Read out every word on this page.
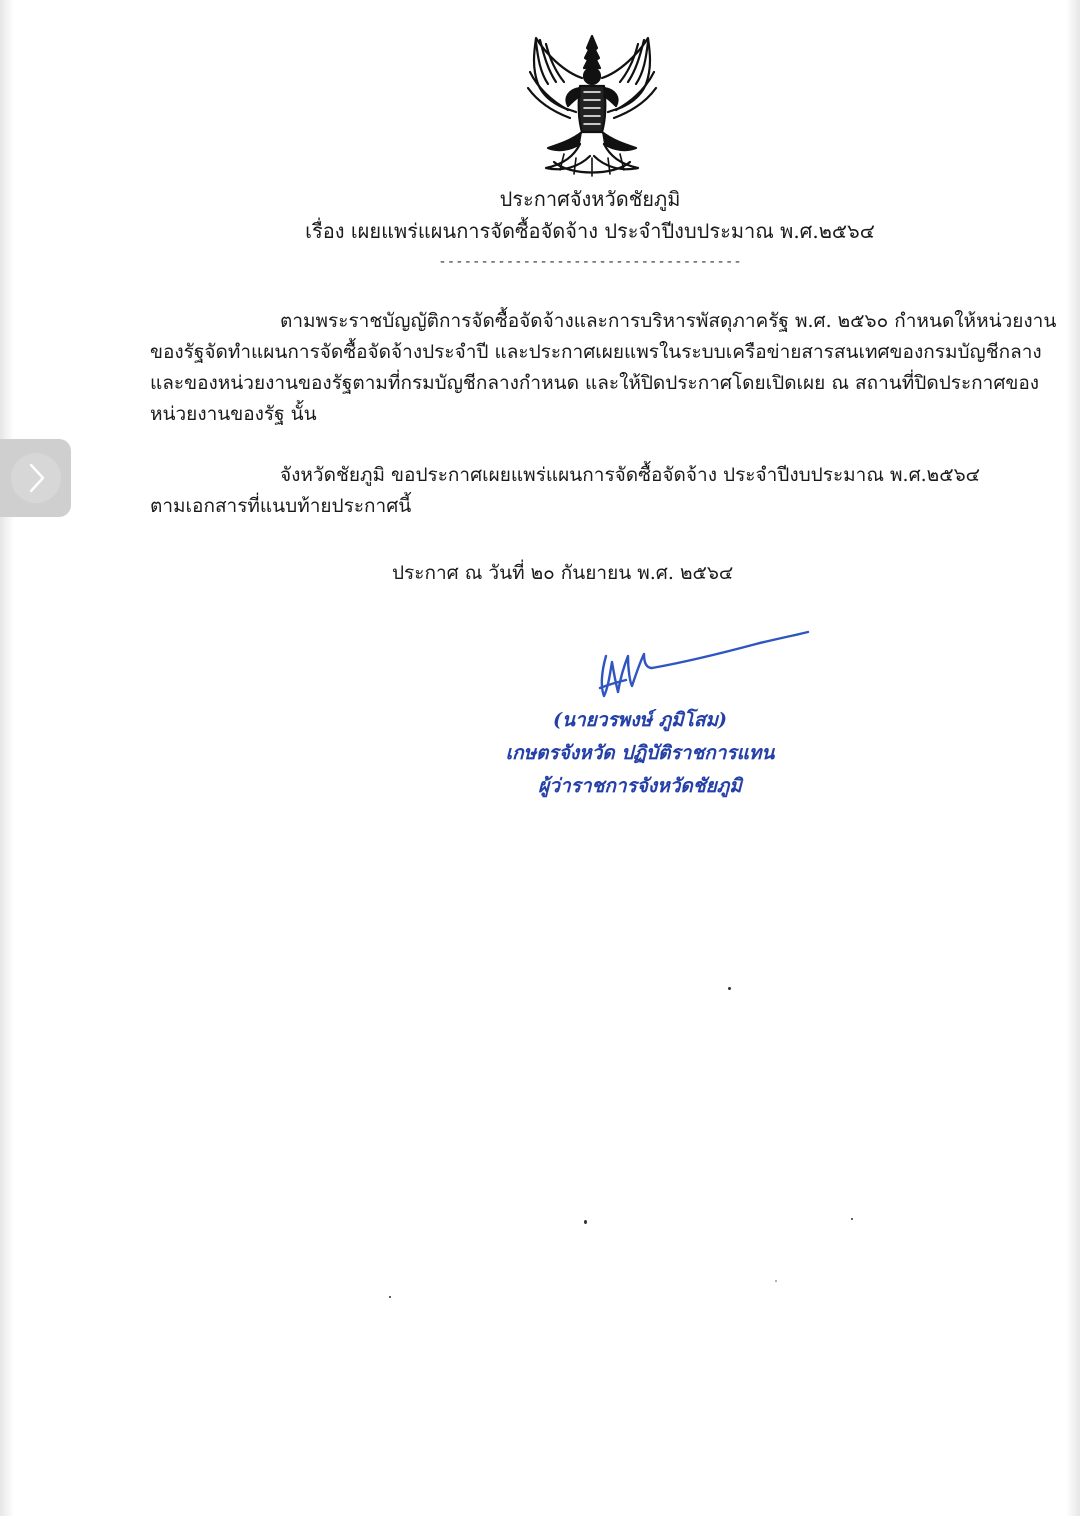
ประกาศจังหวัดชัยภูมิ
เรื่อง เผยแพร่แผนการจัดซื้อจัดจ้าง ประจำปีงบประมาณ พ.ศ.๒๕๖๔
------------------------------------

ตามพระราชบัญญัติการจัดซื้อจัดจ้างและการบริหารพัสดุภาครัฐ พ.ศ. ๒๕๖๐ กำหนดให้หน่วยงาน

ของรัฐจัดทำแผนการจัดซื้อจัดจ้างประจำปี และประกาศเผยแพรในระบบเครือข่ายสารสนเทศของกรมบัญชีกลาง

และของหน่วยงานของรัฐตามที่กรมบัญชีกลางกำหนด และให้ปิดประกาศโดยเปิดเผย ณ สถานที่ปิดประกาศของ

หน่วยงานของรัฐ นั้น

จังหวัดชัยภูมิ ขอประกาศเผยแพร่แผนการจัดซื้อจัดจ้าง ประจำปีงบประมาณ พ.ศ.๒๕๖๔

ตามเอกสารที่แนบท้ายประกาศนี้

ประกาศ ณ วันที่ ๒๐ กันยายน พ.ศ. ๒๕๖๔
(นายวรพงษ์ ภูมิโสม)
เกษตรจังหวัด ปฏิบัติราชการแทน
ผู้ว่าราชการจังหวัดชัยภูมิ
